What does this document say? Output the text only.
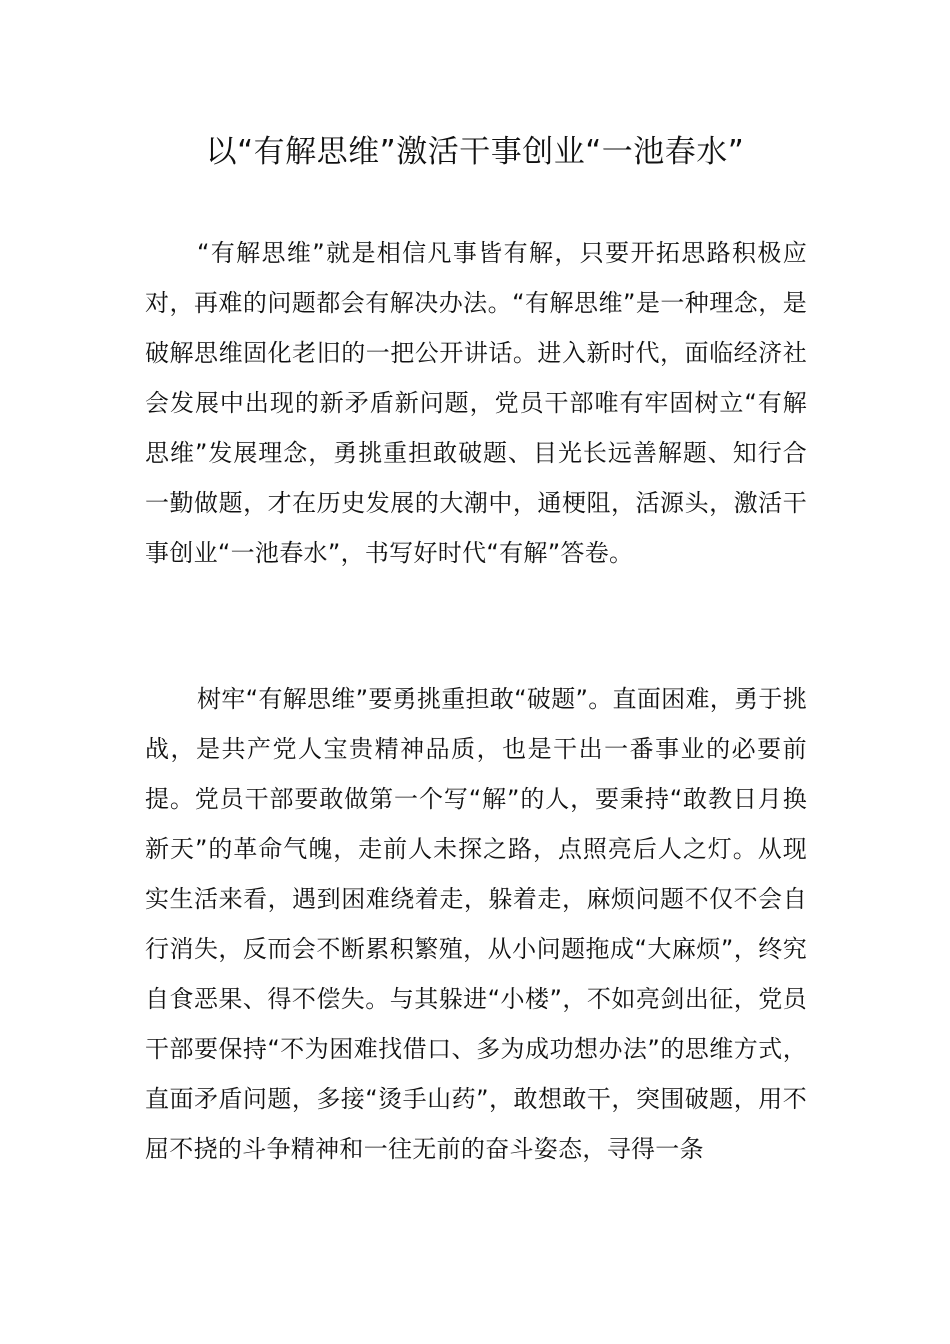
以“有解思维”激活干事创业“一池春水”

“有解思维”就是相信凡事皆有解，只要开拓思路积极应对，再难的问题都会有解决办法。“有解思维”是一种理念，是破解思维固化老旧的一把公开讲话。进入新时代，面临经济社会发展中出现的新矛盾新问题，党员干部唯有牢固树立“有解思维”发展理念，勇挑重担敢破题、目光长远善解题、知行合一勤做题，才在历史发展的大潮中，通梗阻，活源头，激活干事创业“一池春水”，书写好时代“有解”答卷。

树牢“有解思维”要勇挑重担敢“破题”。直面困难，勇于挑战，是共产党人宝贵精神品质，也是干出一番事业的必要前提。党员干部要敢做第一个写“解”的人，要秉持“敢教日月换新天”的革命气魄，走前人未探之路，点照亮后人之灯。从现实生活来看，遇到困难绕着走，躲着走，麻烦问题不仅不会自行消失，反而会不断累积繁殖，从小问题拖成“大麻烦”，终究自食恶果、得不偿失。与其躲进“小楼”，不如亮剑出征，党员干部要保持“不为困难找借口、多为成功想办法”的思维方式，直面矛盾问题，多接“烫手山药”，敢想敢干，突围破题，用不屈不挠的斗争精神和一往无前的奋斗姿态，寻得一条
